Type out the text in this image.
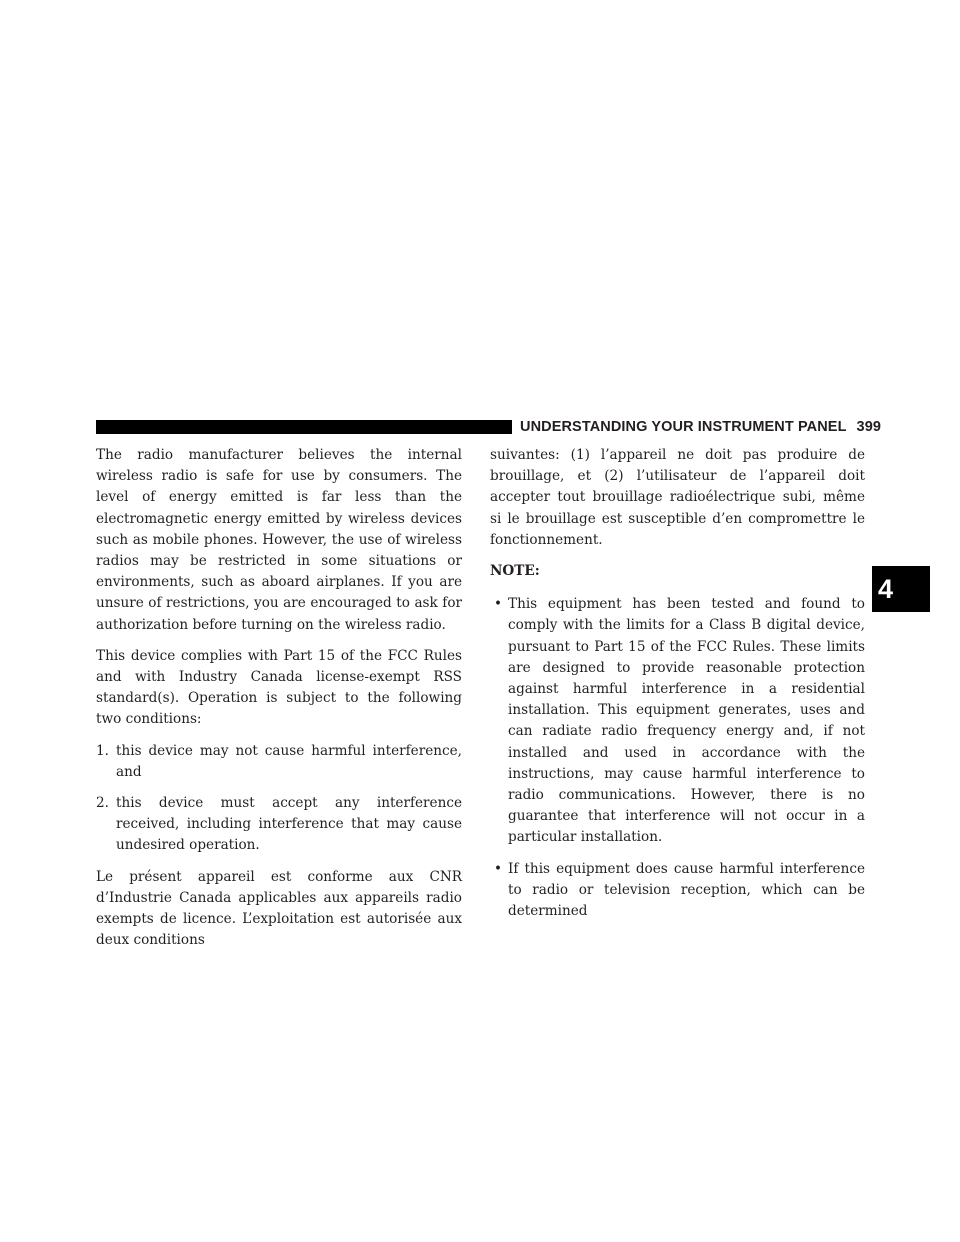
UNDERSTANDING YOUR INSTRUMENT PANEL 399

The radio manufacturer believes the internal wireless radio is safe for use by consumers. The level of energy emitted is far less than the electromagnetic energy emitted by wireless devices such as mobile phones. However, the use of wireless radios may be restricted in some situations or environments, such as aboard airplanes. If you are unsure of restrictions, you are encouraged to ask for authorization before turning on the wireless radio.

This device complies with Part 15 of the FCC Rules and with Industry Canada license-exempt RSS standard(s). Operation is subject to the following two conditions:

1. this device may not cause harmful interference, and
2. this device must accept any interference received, including interference that may cause undesired operation.

Le présent appareil est conforme aux CNR d’Industrie Canada applicables aux appareils radio exempts de licence. L’exploitation est autorisée aux deux conditions

suivantes: (1) l’appareil ne doit pas produire de brouillage, et (2) l’utilisateur de l’appareil doit accepter tout brouillage radioélectrique subi, même si le brouillage est susceptible d’en compromettre le fonctionnement.

NOTE:

• This equipment has been tested and found to comply with the limits for a Class B digital device, pursuant to Part 15 of the FCC Rules. These limits are designed to provide reasonable protection against harmful interference in a residential installation. This equipment generates, uses and can radiate radio frequency energy and, if not installed and used in accordance with the instructions, may cause harmful interference to radio communications. However, there is no guarantee that interference will not occur in a particular installation.
• If this equipment does cause harmful interference to radio or television reception, which can be determined
4
